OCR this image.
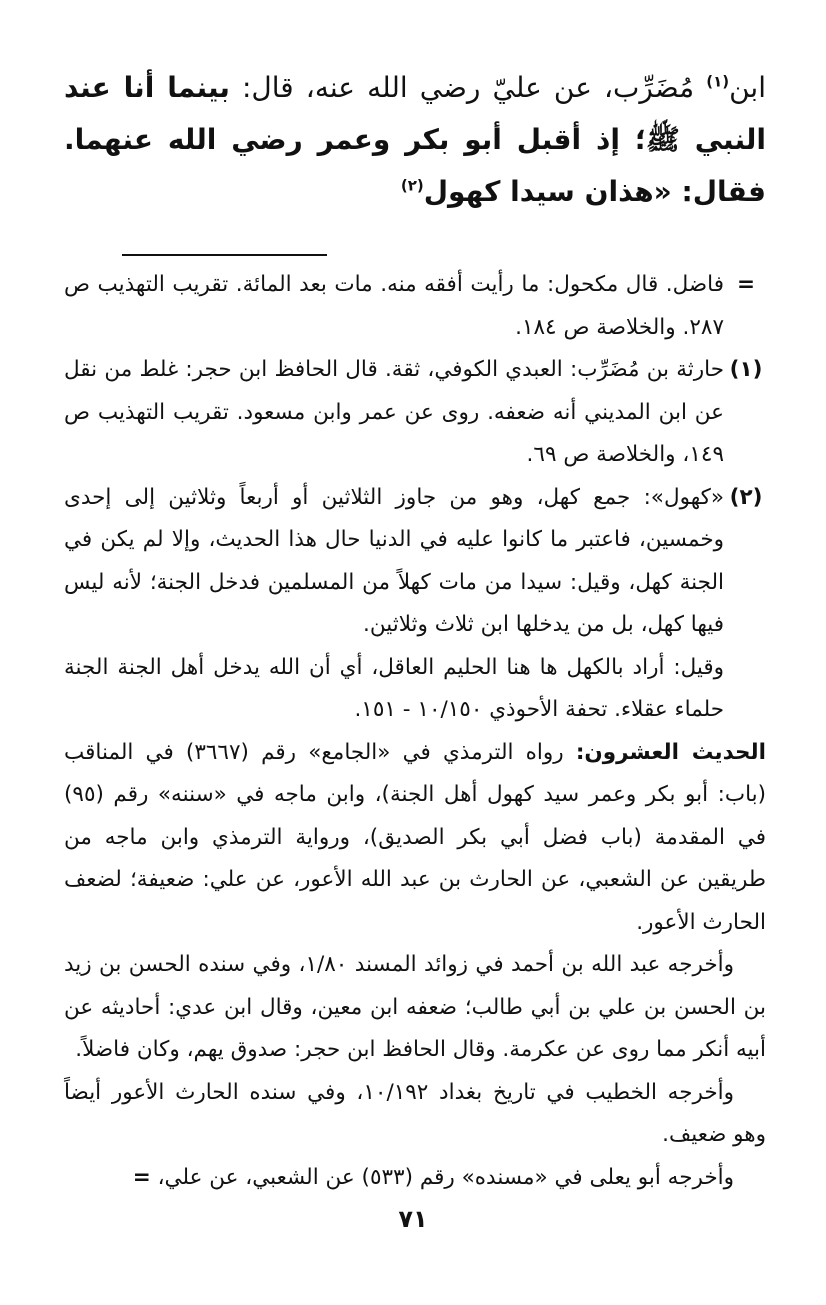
ابن$^{(١)}$ مُضَرِّب، عن عليّ رضي الله عنه، قال: بينما أنا عند النبي ﷺ؛ إذ أقبل أبو بكر وعمر رضي الله عنهما. فقال: «هذان سيدا كهول$^{(٢)}$

=
فاضل. قال مكحول: ما رأيت أفقه منه. مات بعد المائة. تقريب التهذيب ص ٢٨٧. والخلاصة ص ١٨٤.
(١)
حارثة بن مُضَرِّب: العبدي الكوفي، ثقة. قال الحافظ ابن حجر: غلط من نقل عن ابن المديني أنه ضعفه. روى عن عمر وابن مسعود. تقريب التهذيب ص ١٤٩، والخلاصة ص ٦٩.
(٢)
«كهول»: جمع كهل، وهو من جاوز الثلاثين أو أربعاً وثلاثين إلى إحدى وخمسين، فاعتبر ما كانوا عليه في الدنيا حال هذا الحديث، وإلا لم يكن في الجنة كهل، وقيل: سيدا من مات كهلاً من المسلمين فدخل الجنة؛ لأنه ليس فيها كهل، بل من يدخلها ابن ثلاث وثلاثين.
وقيل: أراد بالكهل ها هنا الحليم العاقل، أي أن الله يدخل أهل الجنة الجنة حلماء عقلاء. تحفة الأحوذي ١٠/١٥٠ - ١٥١.

الحديث العشرون: رواه الترمذي في «الجامع» رقم (٣٦٦٧) في المناقب (باب: أبو بكر وعمر سيد كهول أهل الجنة)، وابن ماجه في «سننه» رقم (٩٥) في المقدمة (باب فضل أبي بكر الصديق)، ورواية الترمذي وابن ماجه من طريقين عن الشعبي، عن الحارث بن عبد الله الأعور، عن علي: ضعيفة؛ لضعف الحارث الأعور.

وأخرجه عبد الله بن أحمد في زوائد المسند ١/٨٠، وفي سنده الحسن بن زيد بن الحسن بن علي بن أبي طالب؛ ضعفه ابن معين، وقال ابن عدي: أحاديثه عن أبيه أنكر مما روى عن عكرمة. وقال الحافظ ابن حجر: صدوق يهم، وكان فاضلاً.

وأخرجه الخطيب في تاريخ بغداد ١٠/١٩٢، وفي سنده الحارث الأعور أيضاً وهو ضعيف.

وأخرجه أبو يعلى في «مسنده» رقم (٥٣٣) عن الشعبي، عن علي، =

٧١
